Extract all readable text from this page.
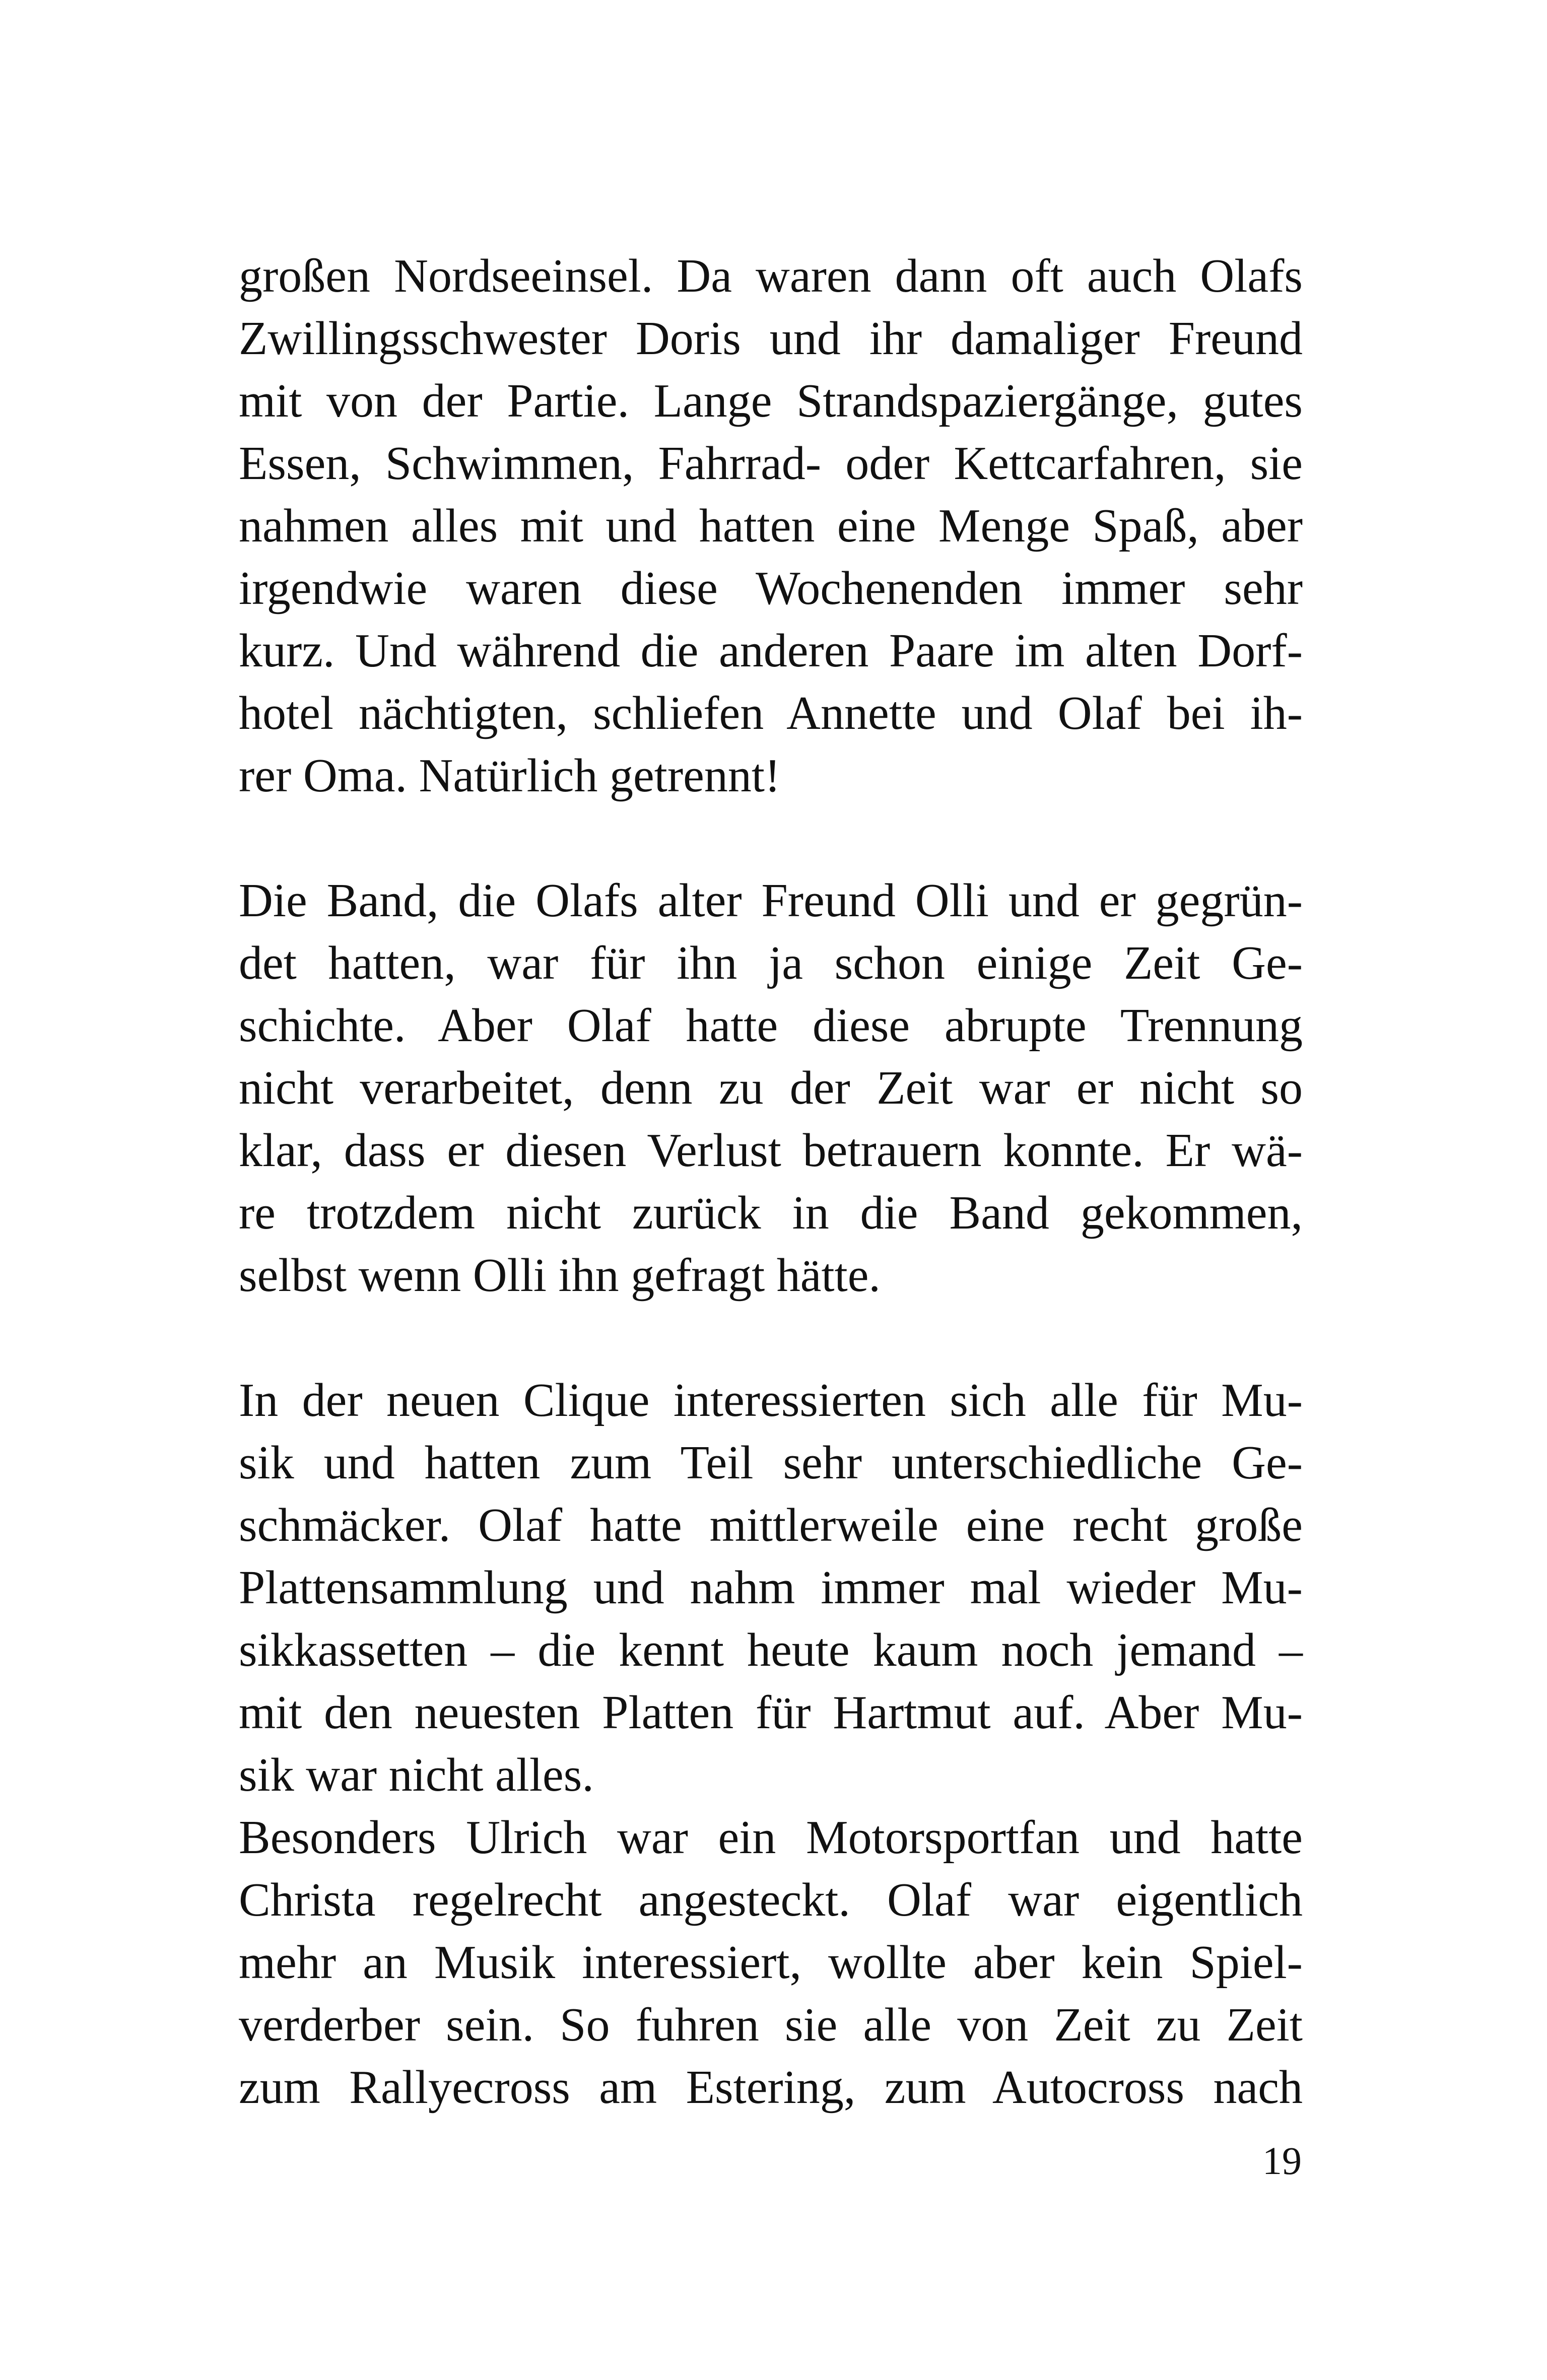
großen Nordseeinsel. Da waren dann oft auch Olafs
Zwillingsschwester Doris und ihr damaliger Freund
mit von der Partie. Lange Strandspaziergänge, gutes
Essen, Schwimmen, Fahrrad- oder Kettcarfahren, sie
nahmen alles mit und hatten eine Menge Spaß, aber
irgendwie waren diese Wochenenden immer sehr
kurz. Und während die anderen Paare im alten Dorf-
hotel nächtigten, schliefen Annette und Olaf bei ih-
rer Oma. Natürlich getrennt!
Die Band, die Olafs alter Freund Olli und er gegrün-
det hatten, war für ihn ja schon einige Zeit Ge-
schichte. Aber Olaf hatte diese abrupte Trennung
nicht verarbeitet, denn zu der Zeit war er nicht so
klar, dass er diesen Verlust betrauern konnte. Er wä-
re trotzdem nicht zurück in die Band gekommen,
selbst wenn Olli ihn gefragt hätte.
In der neuen Clique interessierten sich alle für Mu-
sik und hatten zum Teil sehr unterschiedliche Ge-
schmäcker. Olaf hatte mittlerweile eine recht große
Plattensammlung und nahm immer mal wieder Mu-
sikkassetten – die kennt heute kaum noch jemand –
mit den neuesten Platten für Hartmut auf. Aber Mu-
sik war nicht alles.
Besonders Ulrich war ein Motorsportfan und hatte
Christa regelrecht angesteckt. Olaf war eigentlich
mehr an Musik interessiert, wollte aber kein Spiel-
verderber sein. So fuhren sie alle von Zeit zu Zeit
zum Rallyecross am Estering, zum Autocross nach
19
